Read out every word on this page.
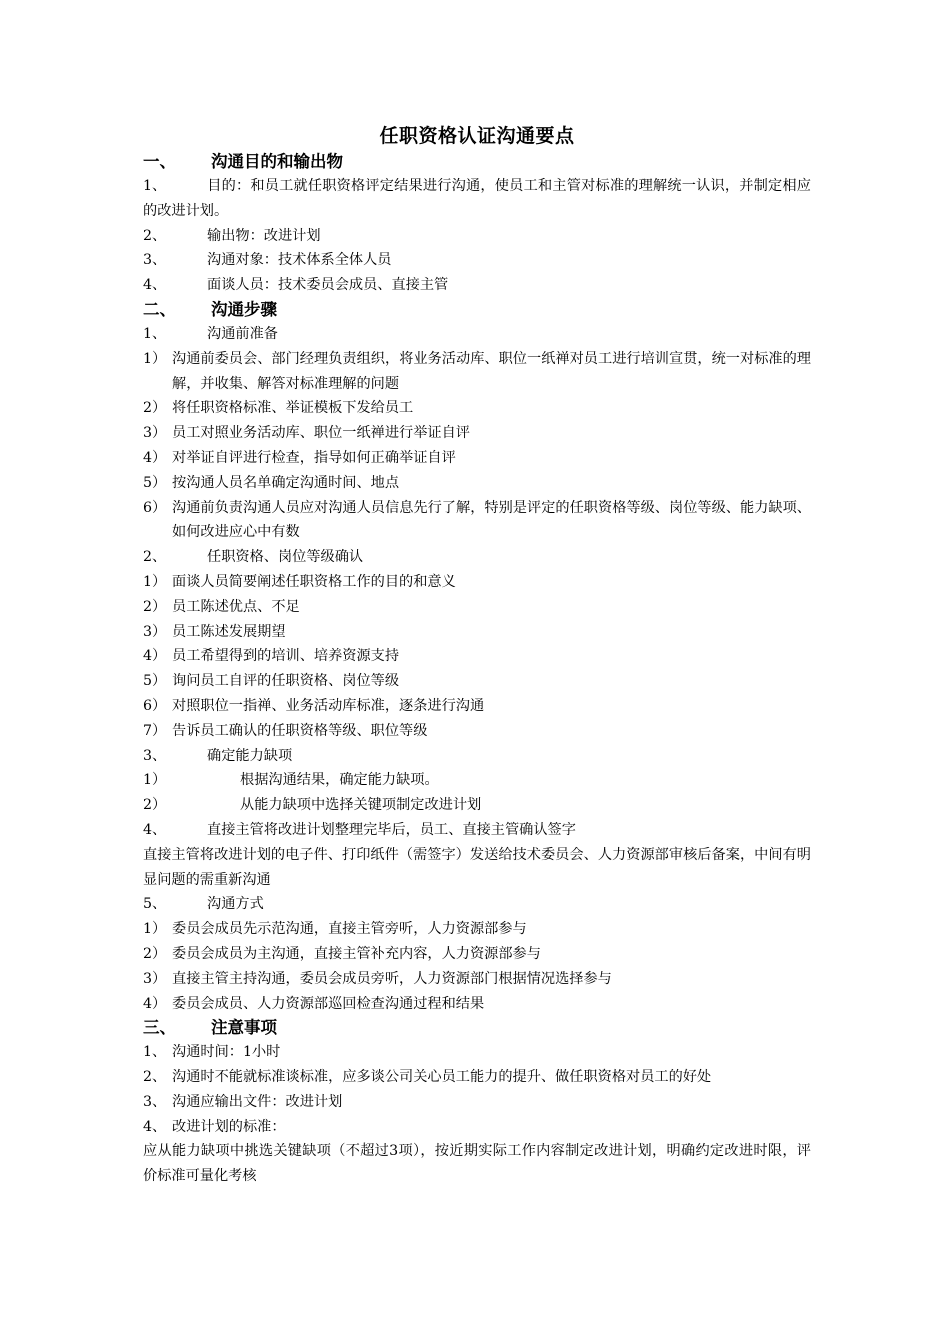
任职资格认证沟通要点
一、 沟通目的和输出物
1、	目的：和员工就任职资格评定结果进行沟通，使员工和主管对标准的理解统一认识，并制定相应的改进计划。
2、	输出物：改进计划
3、	沟通对象：技术体系全体人员
4、	面谈人员：技术委员会成员、直接主管
二、 沟通步骤
1、	沟通前准备
1） 沟通前委员会、部门经理负责组织，将业务活动库、职位一纸禅对员工进行培训宣贯，统一对标准的理解，并收集、解答对标准理解的问题
2） 将任职资格标准、举证模板下发给员工
3） 员工对照业务活动库、职位一纸禅进行举证自评
4） 对举证自评进行检查，指导如何正确举证自评
5） 按沟通人员名单确定沟通时间、地点
6） 沟通前负责沟通人员应对沟通人员信息先行了解，特别是评定的任职资格等级、岗位等级、能力缺项、如何改进应心中有数
2、	任职资格、岗位等级确认
1） 面谈人员简要阐述任职资格工作的目的和意义
2） 员工陈述优点、不足
3） 员工陈述发展期望
4） 员工希望得到的培训、培养资源支持
5） 询问员工自评的任职资格、岗位等级
6） 对照职位一指禅、业务活动库标准，逐条进行沟通
7） 告诉员工确认的任职资格等级、职位等级
3、	确定能力缺项
1）	根据沟通结果，确定能力缺项。
2）	从能力缺项中选择关键项制定改进计划
4、	直接主管将改进计划整理完毕后，员工、直接主管确认签字
直接主管将改进计划的电子件、打印纸件（需签字）发送给技术委员会、人力资源部审核后备案，中间有明显问题的需重新沟通
5、	沟通方式
1） 委员会成员先示范沟通，直接主管旁听，人力资源部参与
2） 委员会成员为主沟通，直接主管补充内容，人力资源部参与
3） 直接主管主持沟通，委员会成员旁听，人力资源部门根据情况选择参与
4） 委员会成员、人力资源部巡回检查沟通过程和结果
三、 注意事项
1、 沟通时间：1小时
2、 沟通时不能就标准谈标准，应多谈公司关心员工能力的提升、做任职资格对员工的好处
3、 沟通应输出文件：改进计划
4、 改进计划的标准：
应从能力缺项中挑选关键缺项（不超过3项），按近期实际工作内容制定改进计划，明确约定改进时限，评价标准可量化考核
